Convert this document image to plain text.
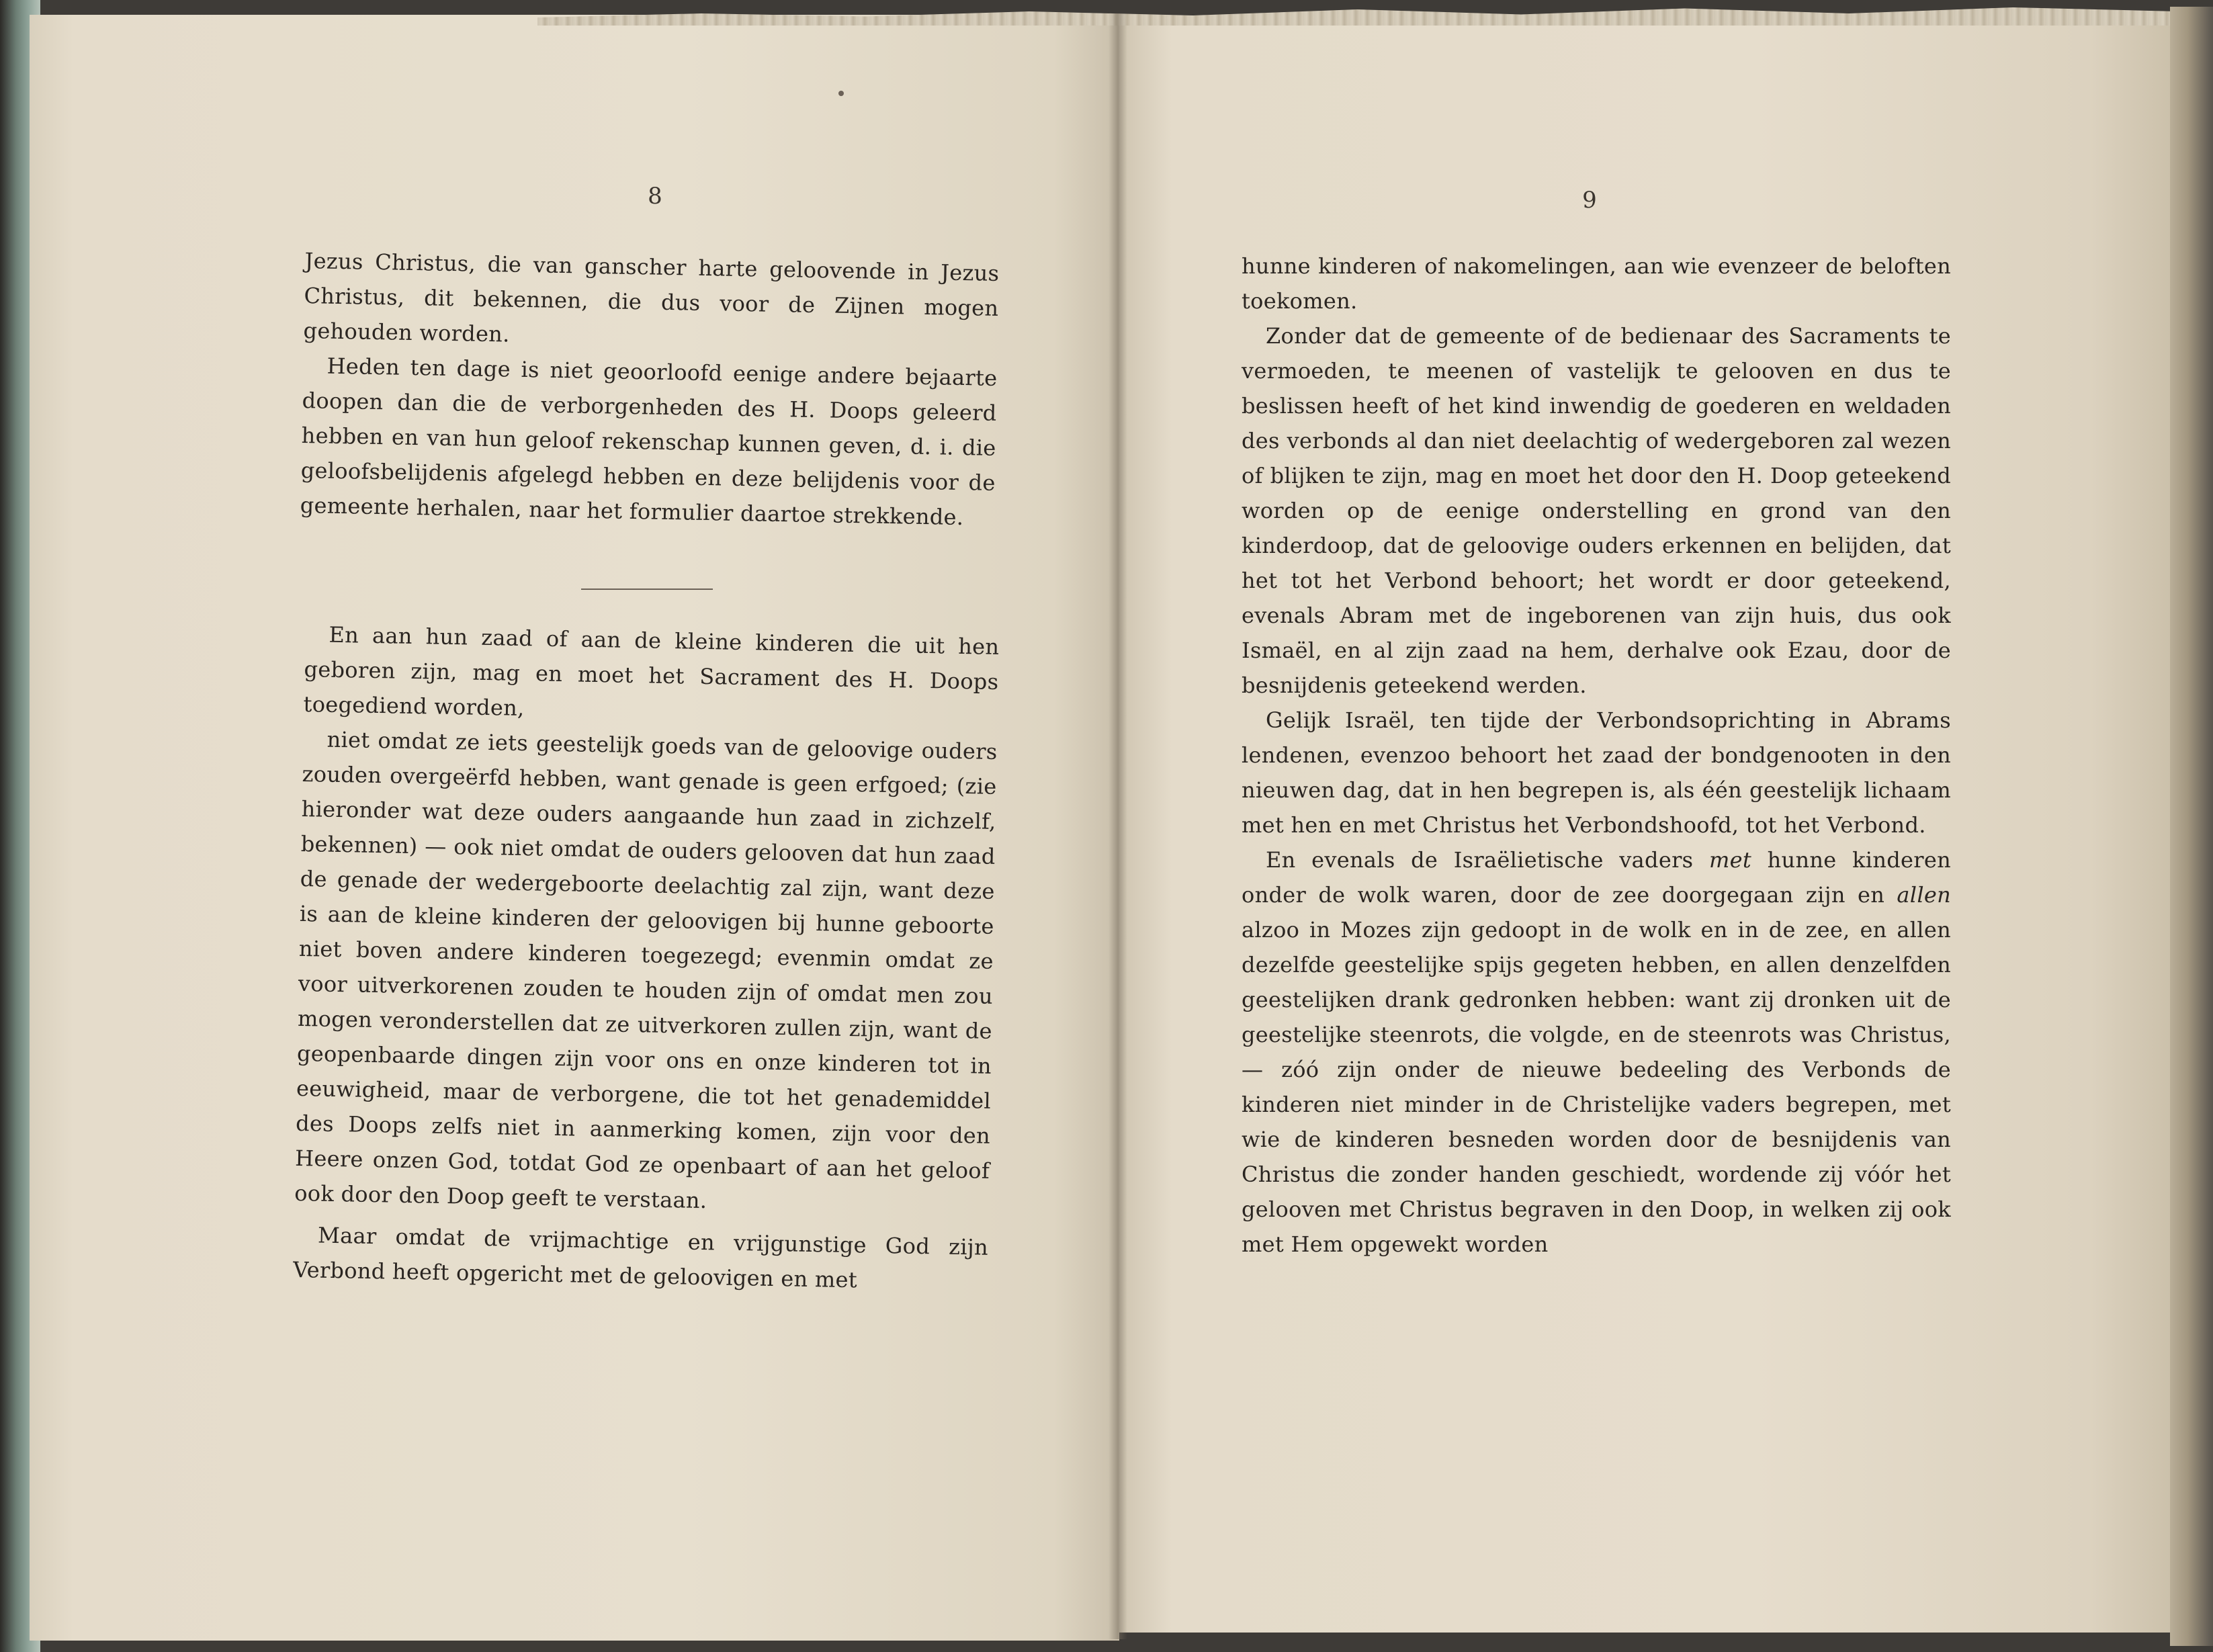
8

Jezus Christus, die van ganscher harte geloovende in Jezus Christus, dit bekennen, die dus voor de Zijnen mogen gehouden worden.

Heden ten dage is niet geoorloofd eenige andere bejaarte doopen dan die de verborgenheden des H. Doops geleerd hebben en van hun geloof rekenschap kunnen geven, d. i. die geloofsbelijdenis afgelegd hebben en deze belijdenis voor de gemeente herhalen, naar het formulier daartoe strekkende.

En aan hun zaad of aan de kleine kinderen die uit hen geboren zijn, mag en moet het Sacrament des H. Doops toegediend worden,

niet omdat ze iets geestelijk goeds van de geloovige ouders zouden overgeërfd hebben, want genade is geen erfgoed; (zie hieronder wat deze ouders aangaande hun zaad in zichzelf, bekennen) — ook niet omdat de ouders gelooven dat hun zaad de genade der wedergeboorte deelachtig zal zijn, want deze is aan de kleine kinderen der geloovigen bij hunne geboorte niet boven andere kinderen toegezegd; evenmin omdat ze voor uitverkorenen zouden te houden zijn of omdat men zou mogen veronderstellen dat ze uitverkoren zullen zijn, want de geopenbaarde dingen zijn voor ons en onze kinderen tot in eeuwigheid, maar de verborgene, die tot het genademiddel des Doops zelfs niet in aanmerking komen, zijn voor den Heere onzen God, totdat God ze openbaart of aan het geloof ook door den Doop geeft te verstaan.

Maar omdat de vrijmachtige en vrijgunstige God zijn Verbond heeft opgericht met de geloovigen en met

9

hunne kinderen of nakomelingen, aan wie evenzeer de beloften toekomen.

Zonder dat de gemeente of de bedienaar des Sacraments te vermoeden, te meenen of vastelijk te gelooven en dus te beslissen heeft of het kind inwendig de goederen en weldaden des verbonds al dan niet deelachtig of wedergeboren zal wezen of blijken te zijn, mag en moet het door den H. Doop geteekend worden op de eenige onderstelling en grond van den kinderdoop, dat de geloovige ouders erkennen en belijden, dat het tot het Verbond behoort; het wordt er door geteekend, evenals Abram met de ingeborenen van zijn huis, dus ook Ismaël, en al zijn zaad na hem, derhalve ook Ezau, door de besnijdenis geteekend werden.

Gelijk Israël, ten tijde der Verbondsoprichting in Abrams lendenen, evenzoo behoort het zaad der bondgenooten in den nieuwen dag, dat in hen begrepen is, als één geestelijk lichaam met hen en met Christus het Verbondshoofd, tot het Verbond.

En evenals de Israëlietische vaders met hunne kinderen onder de wolk waren, door de zee doorgegaan zijn en allen alzoo in Mozes zijn gedoopt in de wolk en in de zee, en allen dezelfde geestelijke spijs gegeten hebben, en allen denzelfden geestelijken drank gedronken hebben: want zij dronken uit de geestelijke steenrots, die volgde, en de steenrots was Christus, — zóó zijn onder de nieuwe bedeeling des Verbonds de kinderen niet minder in de Christelijke vaders begrepen, met wie de kinderen besneden worden door de besnijdenis van Christus die zonder handen geschiedt, wordende zij vóór het gelooven met Christus begraven in den Doop, in welken zij ook met Hem opgewekt worden
